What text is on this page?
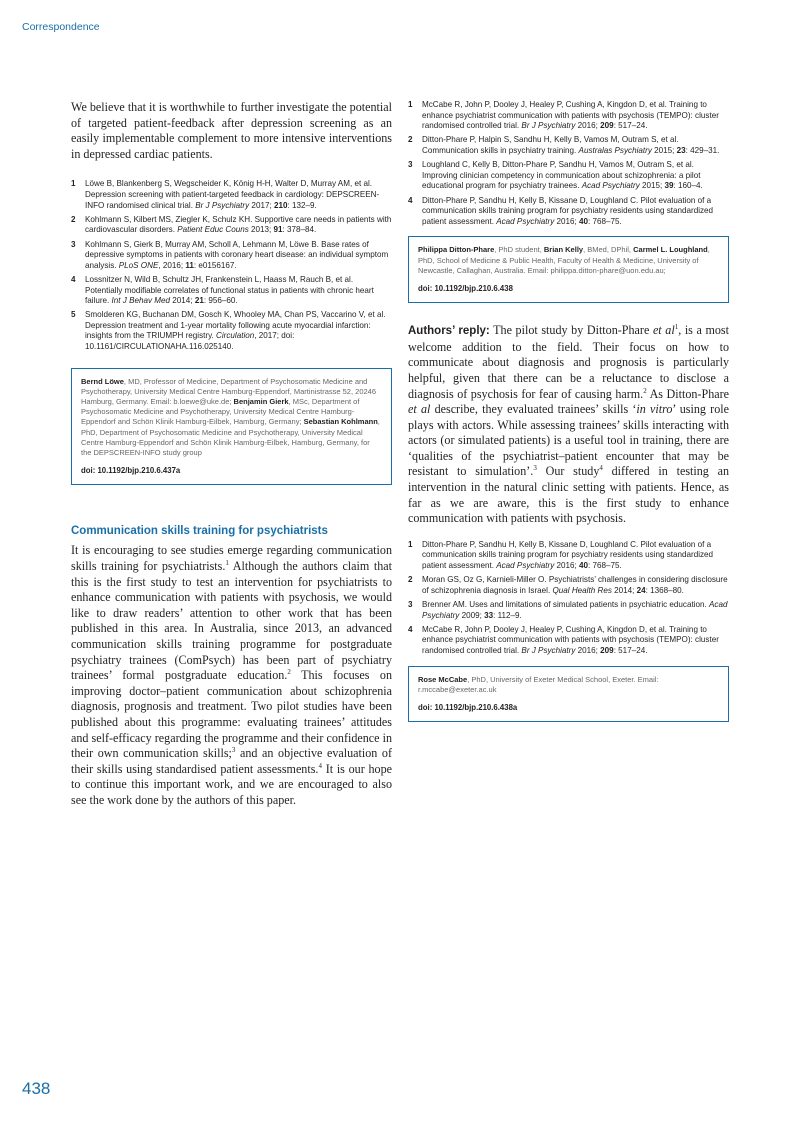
Correspondence

We believe that it is worthwhile to further investigate the potential of targeted patient-feedback after depression screening as an easily implementable complement to more intensive interventions in depressed cardiac patients.

1 Löwe B, Blankenberg S, Wegscheider K, König H-H, Walter D, Murray AM, et al. Depression screening with patient-targeted feedback in cardiology: DEPSCREEN-INFO randomised clinical trial. Br J Psychiatry 2017; 210: 132–9.
2 Kohlmann S, Kilbert MS, Ziegler K, Schulz KH. Supportive care needs in patients with cardiovascular disorders. Patient Educ Couns 2013; 91: 378–84.
3 Kohlmann S, Gierk B, Murray AM, Scholl A, Lehmann M, Löwe B. Base rates of depressive symptoms in patients with coronary heart disease: an individual symptom analysis. PLoS ONE, 2016; 11: e0156167.
4 Lossnitzer N, Wild B, Schultz JH, Frankenstein L, Haass M, Rauch B, et al. Potentially modifiable correlates of functional status in patients with chronic heart failure. Int J Behav Med 2014; 21: 956–60.
5 Smolderen KG, Buchanan DM, Gosch K, Whooley MA, Chan PS, Vaccarino V, et al. Depression treatment and 1-year mortality following acute myocardial infarction: insights from the TRIUMPH registry. Circulation, 2017; doi: 10.1161/CIRCULATIONAHA.116.025140.
Bernd Löwe, MD, Professor of Medicine, Department of Psychosomatic Medicine and Psychotherapy, University Medical Centre Hamburg-Eppendorf, Martinistrasse 52, 20246 Hamburg, Germany. Email: b.loewe@uke.de; Benjamin Gierk, MSc, Department of Psychosomatic Medicine and Psychotherapy, University Medical Centre Hamburg-Eppendorf and Schön Klinik Hamburg-Eilbek, Hamburg, Germany; Sebastian Kohlmann, PhD, Department of Psychosomatic Medicine and Psychotherapy, University Medical Centre Hamburg-Eppendorf and Schön Klinik Hamburg-Eilbek, Hamburg, Germany, for the DEPSCREEN-INFO study group
doi: 10.1192/bjp.210.6.437a
Communication skills training for psychiatrists

It is encouraging to see studies emerge regarding communication skills training for psychiatrists.$^1$ Although the authors claim that this is the first study to test an intervention for psychiatrists to enhance communication with patients with psychosis, we would like to draw readers’ attention to other work that has been published in this area. In Australia, since 2013, an advanced communication skills training programme for postgraduate psychiatry trainees (ComPsych) has been part of psychiatry trainees’ formal postgraduate education.$^2$ This focuses on improving doctor–patient communication about schizophrenia diagnosis, prognosis and treatment. Two pilot studies have been published about this programme: evaluating trainees’ attitudes and self-efficacy regarding the programme and their confidence in their own communication skills;$^3$ and an objective evaluation of their skills using standardised patient assessments.$^4$ It is our hope to continue this important work, and we are encouraged to also see the work done by the authors of this paper.

1 McCabe R, John P, Dooley J, Healey P, Cushing A, Kingdon D, et al. Training to enhance psychiatrist communication with patients with psychosis (TEMPO): cluster randomised controlled trial. Br J Psychiatry 2016; 209: 517–24.
2 Ditton-Phare P, Halpin S, Sandhu H, Kelly B, Vamos M, Outram S, et al. Communication skills in psychiatry training. Australas Psychiatry 2015; 23: 429–31.
3 Loughland C, Kelly B, Ditton-Phare P, Sandhu H, Vamos M, Outram S, et al. Improving clinician competency in communication about schizophrenia: a pilot educational program for psychiatry trainees. Acad Psychiatry 2015; 39: 160–4.
4 Ditton-Phare P, Sandhu H, Kelly B, Kissane D, Loughland C. Pilot evaluation of a communication skills training program for psychiatry residents using standardized patient assessment. Acad Psychiatry 2016; 40: 768–75.
Philippa Ditton-Phare, PhD student, Brian Kelly, BMed, DPhil, Carmel L. Loughland, PhD, School of Medicine & Public Health, Faculty of Health & Medicine, University of Newcastle, Callaghan, Australia. Email: philippa.ditton-phare@uon.edu.au;
doi: 10.1192/bjp.210.6.438

Authors’ reply: The pilot study by Ditton-Phare et $al^1$, is a most welcome addition to the field. Their focus on how to communicate about diagnosis and prognosis is particularly helpful, given that there can be a reluctance to disclose a diagnosis of psychosis for fear of causing harm.$^2$ As Ditton-Phare et al describe, they evaluated trainees’ skills ‘in vitro’ using role plays with actors. While assessing trainees’ skills interacting with actors (or simulated patients) is a useful tool in training, there are ‘qualities of the psychiatrist–patient encounter that may be resistant to simulation’.$^3$ Our study$^4$ differed in testing an intervention in the natural clinic setting with patients. Hence, as far as we are aware, this is the first study to enhance communication with patients with psychosis.

1 Ditton-Phare P, Sandhu H, Kelly B, Kissane D, Loughland C. Pilot evaluation of a communication skills training program for psychiatry residents using standardized patient assessment. Acad Psychiatry 2016; 40: 768–75.
2 Moran GS, Oz G, Karnieli-Miller O. Psychiatrists’ challenges in considering disclosure of schizophrenia diagnosis in Israel. Qual Health Res 2014; 24: 1368–80.
3 Brenner AM. Uses and limitations of simulated patients in psychiatric education. Acad Psychiatry 2009; 33: 112–9.
4 McCabe R, John P, Dooley J, Healey P, Cushing A, Kingdon D, et al. Training to enhance psychiatrist communication with patients with psychosis (TEMPO): cluster randomised controlled trial. Br J Psychiatry 2016; 209: 517–24.
Rose McCabe, PhD, University of Exeter Medical School, Exeter. Email: r.mccabe@exeter.ac.uk
doi: 10.1192/bjp.210.6.438a
438
